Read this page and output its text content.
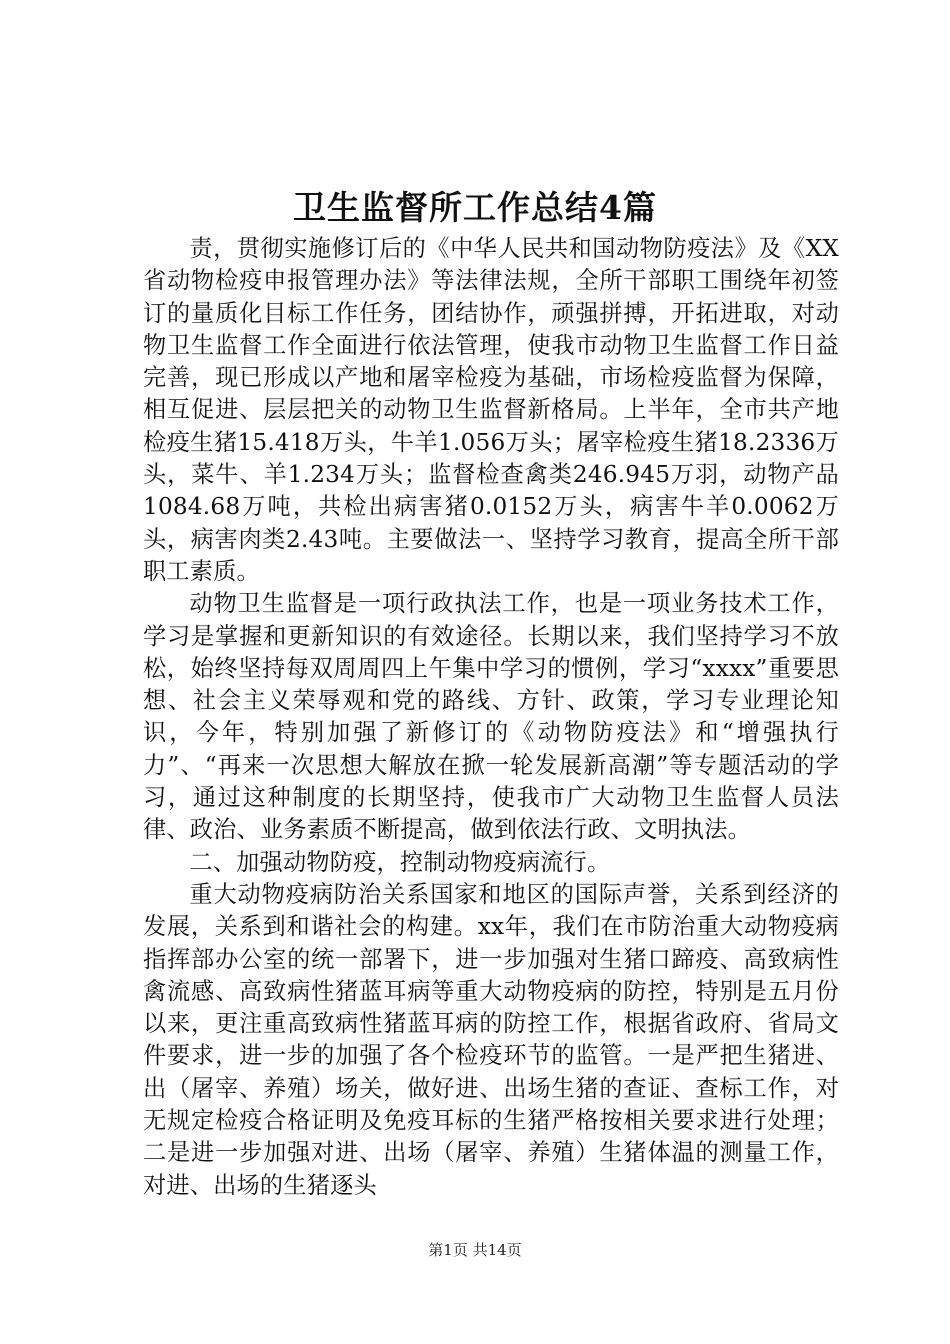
卫生监督所工作总结4篇

责，贯彻实施修订后的《中华人民共和国动物防疫法》及《XX省动物检疫申报管理办法》等法律法规，全所干部职工围绕年初签订的量质化目标工作任务，团结协作，顽强拼搏，开拓进取，对动物卫生监督工作全面进行依法管理，使我市动物卫生监督工作日益完善，现已形成以产地和屠宰检疫为基础，市场检疫监督为保障，相互促进、层层把关的动物卫生监督新格局。上半年，全市共产地检疫生猪15.418万头，牛羊1.056万头；屠宰检疫生猪18.2336万头，菜牛、羊1.234万头；监督检查禽类246.945万羽，动物产品1084.68万吨，共检出病害猪0.0152万头，病害牛羊0.0062万头，病害肉类2.43吨。主要做法一、坚持学习教育，提高全所干部职工素质。

动物卫生监督是一项行政执法工作，也是一项业务技术工作，学习是掌握和更新知识的有效途径。长期以来，我们坚持学习不放松，始终坚持每双周周四上午集中学习的惯例，学习“xxxx”重要思想、社会主义荣辱观和党的路线、方针、政策，学习专业理论知识，今年，特别加强了新修订的《动物防疫法》和“增强执行力”、“再来一次思想大解放在掀一轮发展新高潮”等专题活动的学习，通过这种制度的长期坚持，使我市广大动物卫生监督人员法律、政治、业务素质不断提高，做到依法行政、文明执法。

二、加强动物防疫，控制动物疫病流行。

重大动物疫病防治关系国家和地区的国际声誉，关系到经济的发展，关系到和谐社会的构建。xx年，我们在市防治重大动物疫病指挥部办公室的统一部署下，进一步加强对生猪口蹄疫、高致病性禽流感、高致病性猪蓝耳病等重大动物疫病的防控，特别是五月份以来，更注重高致病性猪蓝耳病的防控工作，根据省政府、省局文件要求，进一步的加强了各个检疫环节的监管。一是严把生猪进、出（屠宰、养殖）场关，做好进、出场生猪的查证、查标工作，对无规定检疫合格证明及免疫耳标的生猪严格按相关要求进行处理；二是进一步加强对进、出场（屠宰、养殖）生猪体温的测量工作，对进、出场的生猪逐头

第1页 共14页
